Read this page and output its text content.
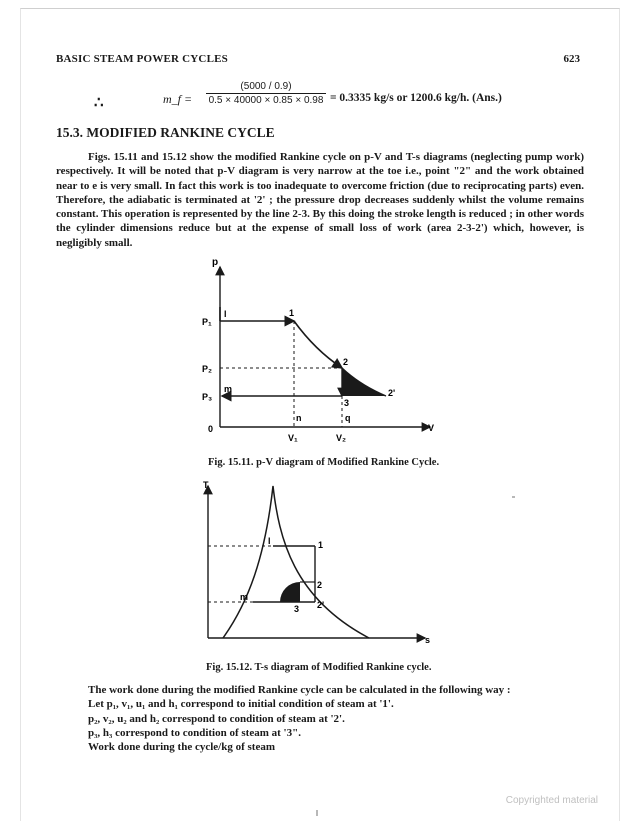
BASIC STEAM POWER CYCLES	623
∴	m_f = $\frac{(5000 / 0.9)}{0.5 \times 40000 \times 0.85 \times 0.98} = 0.3335$ kg/s or 1200.6 kg/h. (Ans.)
15.3. MODIFIED RANKINE CYCLE
Figs. 15.11 and 15.12 show the modified Rankine cycle on p-V and T-s diagrams (neglecting pump work) respectively. It will be noted that p-V diagram is very narrow at the toe i.e., point "2" and the work obtained near to e is very small. In fact this work is too inadequate to overcome friction (due to reciprocating parts) even. Therefore, the adiabatic is terminated at '2' ; the pressure drop decreases suddenly whilst the volume remains constant. This operation is represented by the line 2-3. By this doing the stroke length is reduced ; in other words the cylinder dimensions reduce but at the expense of small loss of work (area 2-3-2') which, however, is negligibly small.
p
V
0
P₁
P₂
P₃
l	1
2
2'
3
m
n	q
V₁	V₂
Fig. 15.11. p-V diagram of Modified Rankine Cycle.
T
s
l	1
2
2'
3
m
Fig. 15.12. T-s diagram of Modified Rankine cycle.
The work done during the modified Rankine cycle can be calculated in the following way :
Let p₁, v₁, u₁ and h₁ correspond to initial condition of steam at '1'.
p₂, v₂, u₂ and h₂ correspond to condition of steam at '2'.
p₃, h₃ correspond to condition of steam at '3".
Work done during the cycle/kg of steam
Copyrighted material
